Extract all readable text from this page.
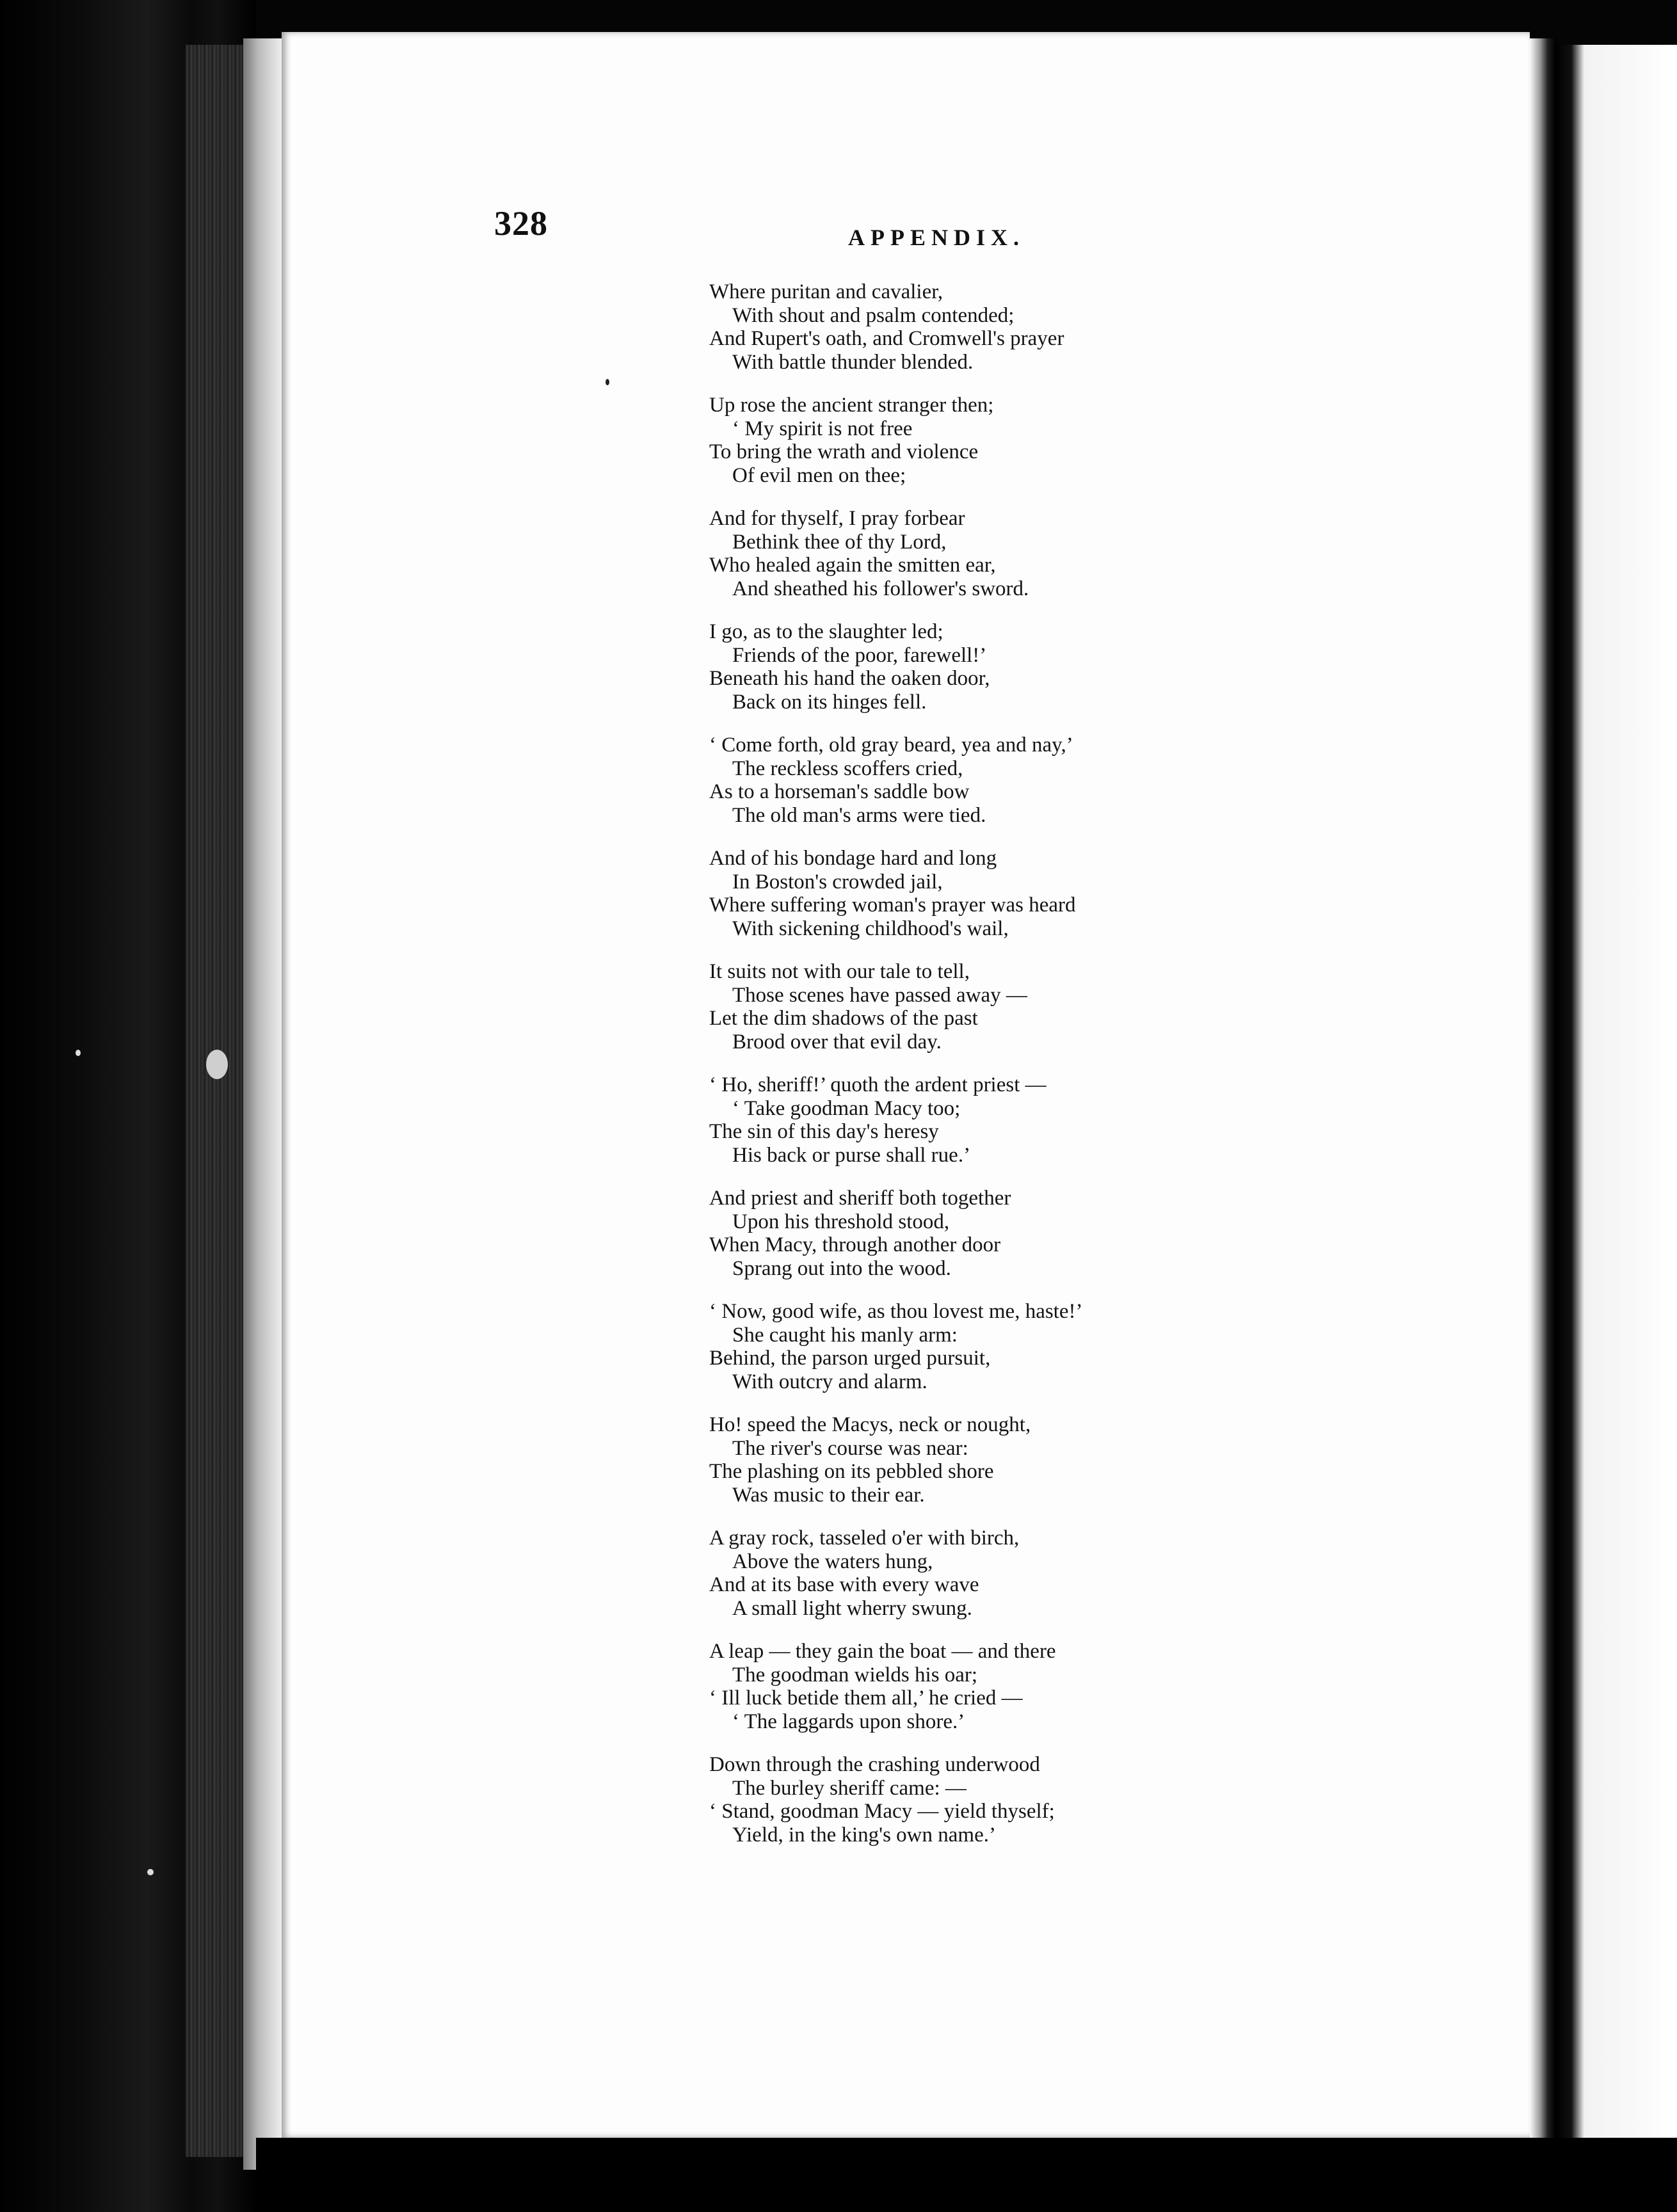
328	APPENDIX.
Where puritan and cavalier,
With shout and psalm contended;
And Rupert's oath, and Cromwell's prayer
With battle thunder blended.
Up rose the ancient stranger then;
‘ My spirit is not free
To bring the wrath and violence
Of evil men on thee;
And for thyself, I pray forbear
Bethink thee of thy Lord,
Who healed again the smitten ear,
And sheathed his follower's sword.
I go, as to the slaughter led;
Friends of the poor, farewell!’
Beneath his hand the oaken door,
Back on its hinges fell.
‘ Come forth, old gray beard, yea and nay,’
The reckless scoffers cried,
As to a horseman's saddle bow
The old man's arms were tied.
And of his bondage hard and long
In Boston's crowded jail,
Where suffering woman's prayer was heard
With sickening childhood's wail,
It suits not with our tale to tell,
Those scenes have passed away —
Let the dim shadows of the past
Brood over that evil day.
‘ Ho, sheriff!’ quoth the ardent priest —
‘ Take goodman Macy too;
The sin of this day's heresy
His back or purse shall rue.’
And priest and sheriff both together
Upon his threshold stood,
When Macy, through another door
Sprang out into the wood.
‘ Now, good wife, as thou lovest me, haste!’
She caught his manly arm:
Behind, the parson urged pursuit,
With outcry and alarm.
Ho! speed the Macys, neck or nought,
The river's course was near:
The plashing on its pebbled shore
Was music to their ear.
A gray rock, tasseled o'er with birch,
Above the waters hung,
And at its base with every wave
A small light wherry swung.
A leap — they gain the boat — and there
The goodman wields his oar;
‘ Ill luck betide them all,’ he cried —
‘ The laggards upon shore.’
Down through the crashing underwood
The burley sheriff came: —
‘ Stand, goodman Macy — yield thyself;
Yield, in the king's own name.’
